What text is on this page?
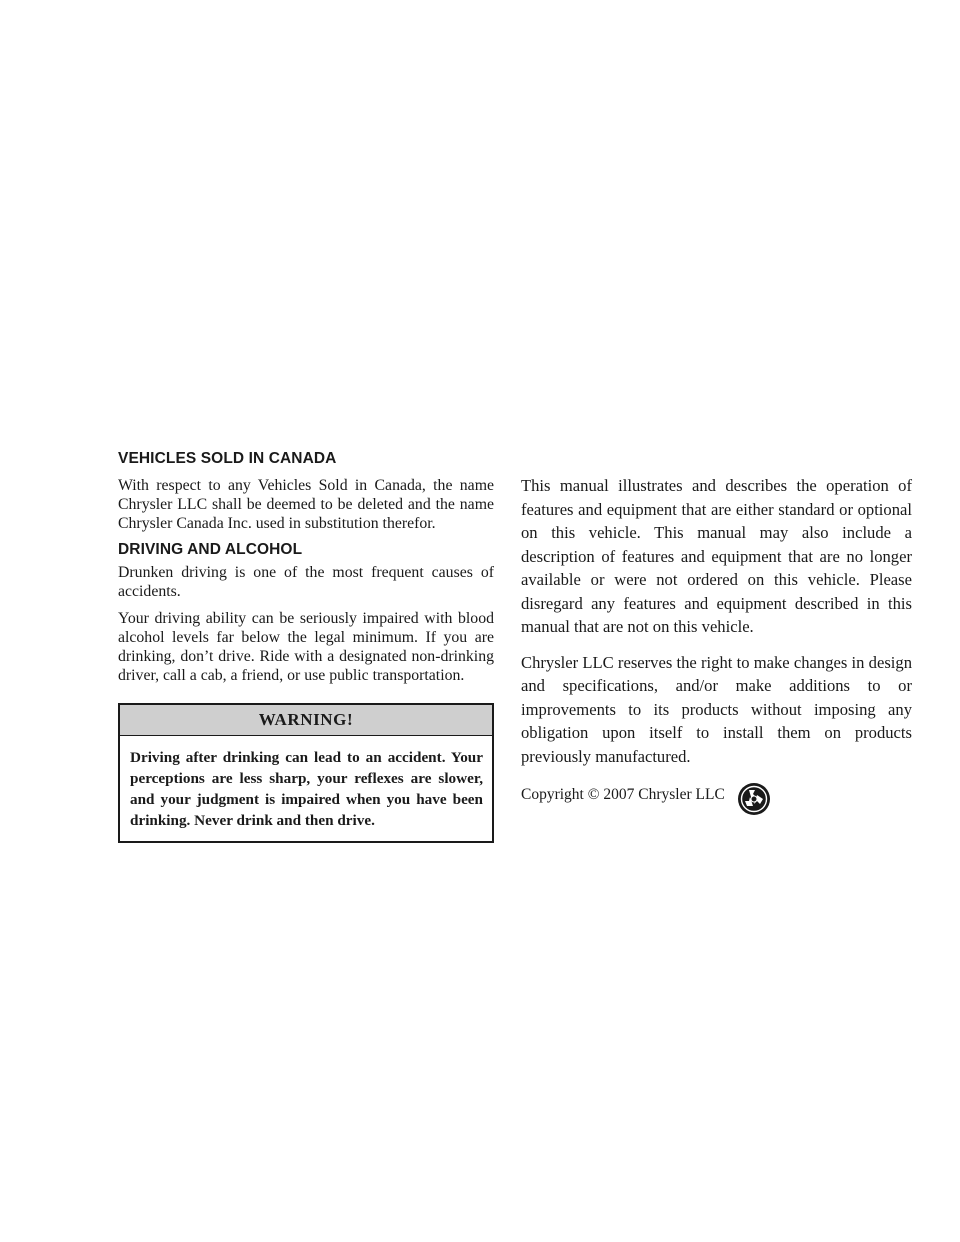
VEHICLES SOLD IN CANADA

With respect to any Vehicles Sold in Canada, the name Chrysler LLC shall be deemed to be deleted and the name Chrysler Canada Inc. used in substitution therefor.

DRIVING AND ALCOHOL

Drunken driving is one of the most frequent causes of accidents.

Your driving ability can be seriously impaired with blood alcohol levels far below the legal minimum. If you are drinking, don’t drive. Ride with a designated non-drinking driver, call a cab, a friend, or use public transportation.

WARNING!
Driving after drinking can lead to an accident. Your perceptions are less sharp, your reflexes are slower, and your judgment is impaired when you have been drinking. Never drink and then drive.

This manual illustrates and describes the operation of features and equipment that are either standard or optional on this vehicle. This manual may also include a description of features and equipment that are no longer available or were not ordered on this vehicle. Please disregard any features and equipment described in this manual that are not on this vehicle.

Chrysler LLC reserves the right to make changes in design and specifications, and/or make additions to or improvements to its products without imposing any obligation upon itself to install them on products previously manufactured.

Copyright © 2007 Chrysler LLC
